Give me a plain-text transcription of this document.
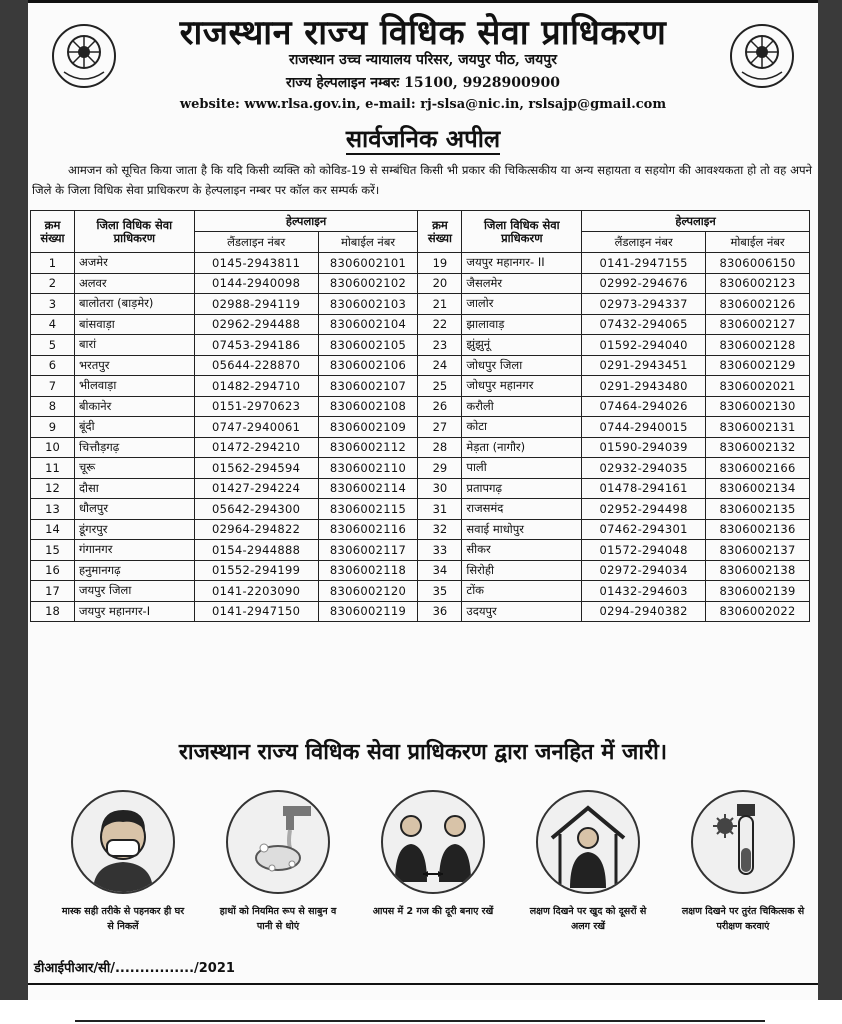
राजस्थान राज्य विधिक सेवा प्राधिकरण
राजस्थान उच्च न्यायालय परिसर, जयपुर पीठ, जयपुर
राज्य हेल्पलाइन नम्बरः 15100, 9928900900
website: www.rlsa.gov.in, e-mail: rj-slsa@nic.in, rslsajp@gmail.com
सार्वजनिक अपील
आमजन को सूचित किया जाता है कि यदि किसी व्यक्ति को कोविड-19 से सम्बंधित किसी भी प्रकार की चिकित्सकीय या अन्य सहायता व सहयोग की आवश्यकता हो तो वह अपने जिले के जिला विधिक सेवा प्राधिकरण के हेल्पलाइन नम्बर पर कॉल कर सम्पर्क करें।
क्रम संख्या	जिला विधिक सेवा प्राधिकरण	हेल्पलाइन		क्रम संख्या	जिला विधिक सेवा प्राधिकरण	हेल्पलाइन	
		लैंडलाइन नंबर	मोबाईल नंबर			लैंडलाइन नंबर	मोबाईल नंबर
1	अजमेर	0145-2943811	8306002101	19	जयपुर महानगर- II	0141-2947155	8306006150
2	अलवर	0144-2940098	8306002102	20	जैसलमेर	02992-294676	8306002123
3	बालोतरा (बाड़मेर)	02988-294119	8306002103	21	जालोर	02973-294337	8306002126
4	बांसवाड़ा	02962-294488	8306002104	22	झालावाड़	07432-294065	8306002127
5	बारां	07453-294186	8306002105	23	झुंझुनूं	01592-294040	8306002128
6	भरतपुर	05644-228870	8306002106	24	जोधपुर जिला	0291-2943451	8306002129
7	भीलवाड़ा	01482-294710	8306002107	25	जोधपुर महानगर	0291-2943480	8306002021
8	बीकानेर	0151-2970623	8306002108	26	करौली	07464-294026	8306002130
9	बूंदी	0747-2940061	8306002109	27	कोटा	0744-2940015	8306002131
10	चित्तौड़गढ़	01472-294210	8306002112	28	मेड़ता (नागौर)	01590-294039	8306002132
11	चूरू	01562-294594	8306002110	29	पाली	02932-294035	8306002166
12	दौसा	01427-294224	8306002114	30	प्रतापगढ़	01478-294161	8306002134
13	धौलपुर	05642-294300	8306002115	31	राजसमंद	02952-294498	8306002135
14	डूंगरपुर	02964-294822	8306002116	32	सवाई माधोपुर	07462-294301	8306002136
15	गंगानगर	0154-2944888	8306002117	33	सीकर	01572-294048	8306002137
16	हनुमानगढ़	01552-294199	8306002118	34	सिरोही	02972-294034	8306002138
17	जयपुर जिला	0141-2203090	8306002120	35	टोंक	01432-294603	8306002139
18	जयपुर महानगर-I	0141-2947150	8306002119	36	उदयपुर	0294-2940382	8306002022
राजस्थान राज्य विधिक सेवा प्राधिकरण द्वारा जनहित में जारी।
मास्क सही तरीके से पहनकर ही घर से निकलें
हाथों को नियमित रूप से साबुन व पानी से धोएं
आपस में 2 गज की दूरी बनाए रखें	लक्षण दिखने पर खुद को दूसरों से अलग रखें
लक्षण दिखने पर तुरंत चिकित्सक से परीक्षण करवाएं
डीआईपीआर/सी/................/2021
